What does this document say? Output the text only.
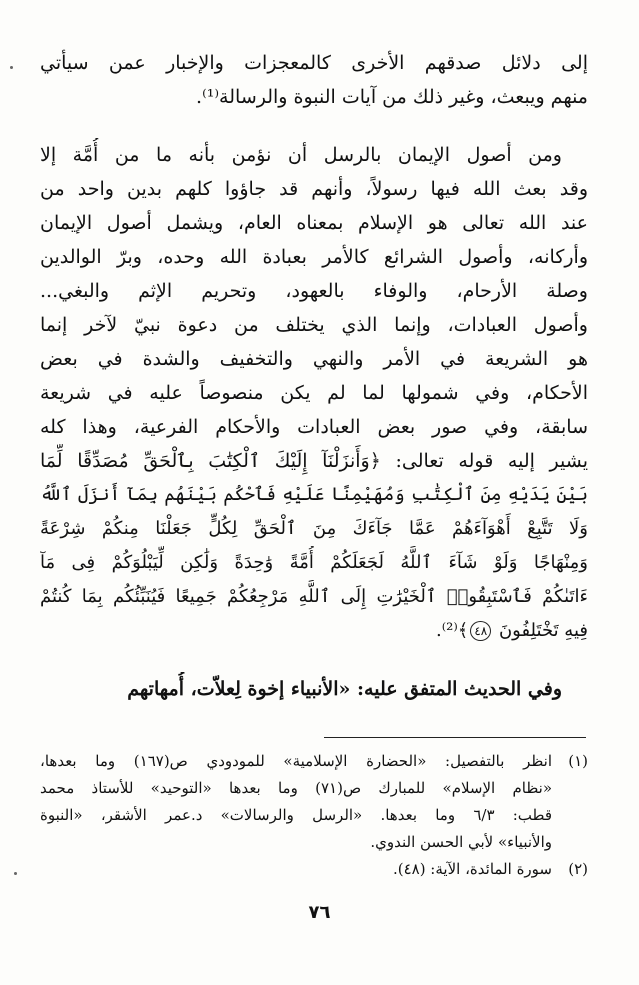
إلى دلائل صدقهم الأخرى كالمعجزات والإخبار عمن سيأتي
منهم ويبعث، وغير ذلك من آيات النبوة والرسالة⁽¹⁾.
ومن أصول الإيمان بالرسل أن نؤمن بأنه ما من أُمَّة إلا
وقد بعث الله فيها رسولاً، وأنهم قد جاؤوا كلهم بدين واحد من
عند الله تعالى هو الإسلام بمعناه العام، ويشمل أصول الإيمان
وأركانه، وأصول الشرائع كالأمر بعبادة الله وحده، وبرّ الوالدين
وصلة الأرحام، والوفاء بالعهود، وتحريم الإثم والبغي...
وأصول العبادات، وإنما الذي يختلف من دعوة نبيّ لآخر إنما
هو الشريعة في الأمر والنهي والتخفيف والشدة في بعض
الأحكام، وفي شمولها لما لم يكن منصوصاً عليه في شريعة
سابقة، وفي صور بعض العبادات والأحكام الفرعية، وهذا كله
يشير إليه قوله تعالى: ﴿وَأَنزَلْنَآ إِلَيْكَ ٱلْكِتَٰبَ بِٱلْحَقِّ مُصَدِّقًا لِّمَا
بَيْنَ يَدَيْهِ مِنَ ٱلْكِتَٰبِ وَمُهَيْمِنًا عَلَيْهِ فَٱحْكُم بَيْنَهُم بِمَآ أَنزَلَ ٱللَّهُ
وَلَا تَتَّبِعْ أَهْوَآءَهُمْ عَمَّا جَآءَكَ مِنَ ٱلْحَقِّ لِكُلٍّ جَعَلْنَا مِنكُمْ شِرْعَةً
وَمِنْهَاجًا وَلَوْ شَآءَ ٱللَّهُ لَجَعَلَكُمْ أُمَّةً وَٰحِدَةً وَلَٰكِن لِّيَبْلُوَكُمْ فِى مَآ
ءَاتَىٰكُمْ فَٱسْتَبِقُوا۟ ٱلْخَيْرَٰتِ إِلَى ٱللَّهِ مَرْجِعُكُمْ جَمِيعًا فَيُنَبِّئُكُم بِمَا كُنتُمْ
فِيهِ تَخْتَلِفُونَ ٤٨﴾⁽²⁾.
وفي الحديث المتفق عليه: «الأنبياء إخوة لِعلاّت، أُمهاتهم
(١)انظر بالتفصيل: «الحضارة الإسلامية» للمودودي ص(١٦٧) وما بعدها،
«نظام الإسلام» للمبارك ص(٧١) وما بعدها «التوحيد» للأستاذ محمد
قطب: ٦/٣ وما بعدها. «الرسل والرسالات» د.عمر الأشقر، «النبوة
والأنبياء» لأبي الحسن الندوي.
(٢)سورة المائدة، الآية: (٤٨).
٧٦
